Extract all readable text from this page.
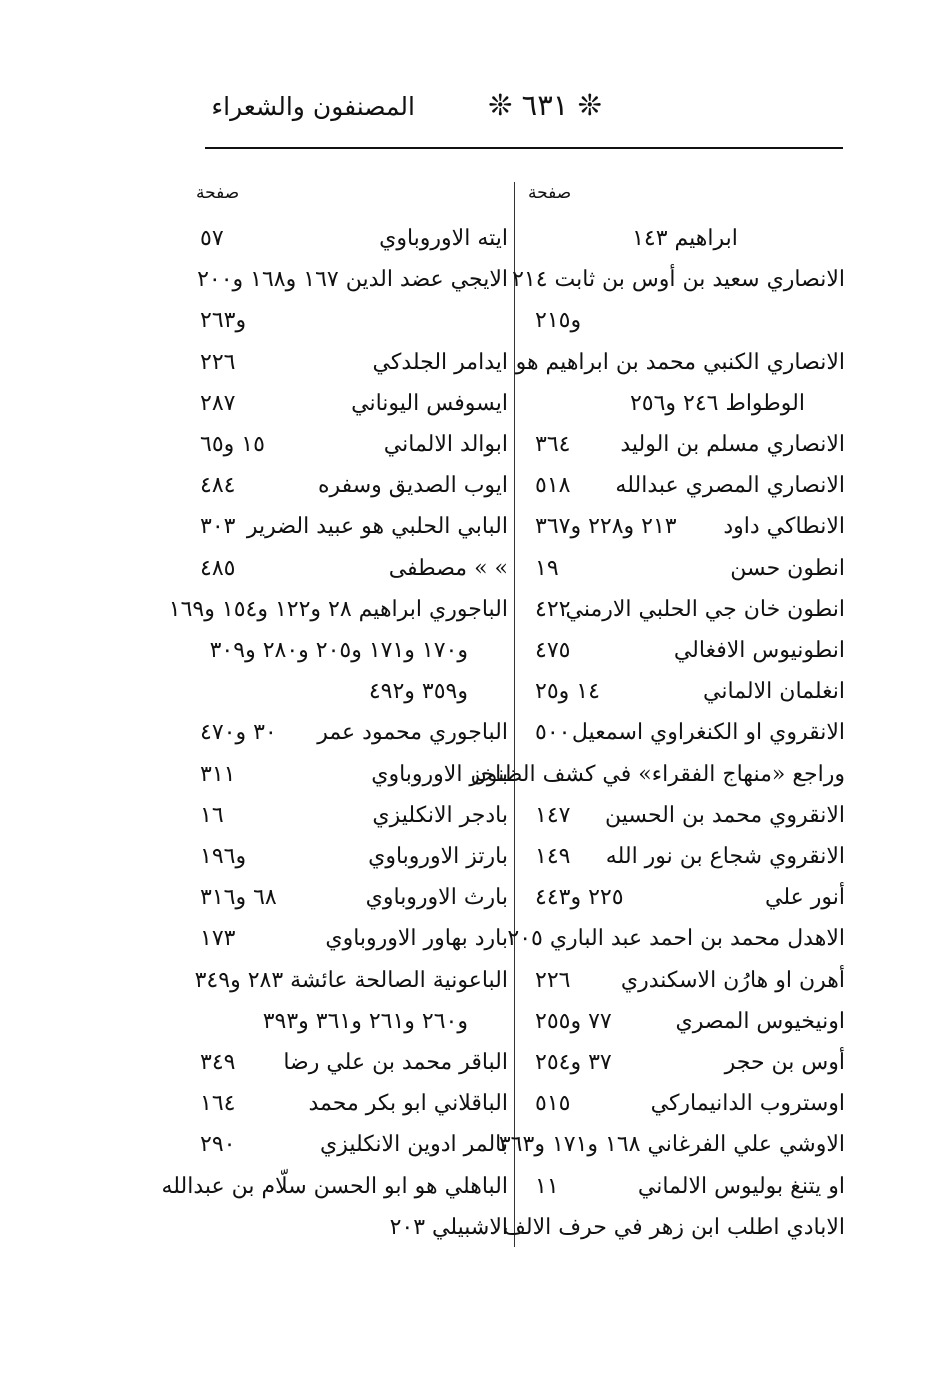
المصنفون والشعراء	❊ ٦٣١ ❊
صفحة	صفحة
ايته الاوروباوي
٥٧
الايجي عضد الدين ١٦٧ و١٦٨ و٢٠٠
و٢٦٣
ايدامر الجلدكي
٢٢٦
ايسوفس اليوناني
٢٨٧
ابوالد الالماني
١٥ و٦٥
ايوب الصديق وسفره
٤٨٤
البابي الحلبي هو عبيد الضرير
٣٠٣
» » مصطفى
٤٨٥
الباجوري ابراهيم ٢٨ و١٢٢ و١٥٤ و١٦٩
و١٧٠ و١٧١ و٢٠٥ و٢٨٠ و٣٠٩
و٣٥٩ و٤٩٢
الباجوري محمود عمر
٣٠ و٤٧٠
باخر الاوروباوي
٣١١
بادجر الانكليزي
١٦
بارتز الاوروباوي
و١٩٦
بارث الاوروباوي
٦٨ و٣١٦
بارد بهاور الاوروباوي
١٧٣
الباعونية الصالحة عائشة ٢٨٣ و٣٤٩
و٢٦٠ و٢٦١ و٣٦١ و٣٩٣
الباقر محمد بن علي رضا
٣٤٩
الباقلاني ابو بكر محمد
١٦٤
بالمر ادوين الانكليزي
٢٩٠
الباهلي هو ابو الحسن سلّام بن عبدالله
الاشبيلي ٢٠٣
ابراهيم ١٤٣
الانصاري سعيد بن أوس بن ثابت ٢١٤
و٢١٥
الانصاري الكنبي محمد بن ابراهيم هو
الوطواط ٢٤٦ و٢٥٦
الانصاري مسلم بن الوليد
٣٦٤
الانصاري المصري عبدالله
٥١٨
الانطاكي داود
٢١٣ و٢٢٨ و٣٦٧
انطون حسن
١٩
انطون خان جي الحلبي الارمني
٤٢٢
انطونيوس الافغالي
٤٧٥
انغلمان الالماني
١٤ و٢٥
الانقروي او الكنغراوي اسمعيل
٥٠٠
وراجع «منهاج الفقراء» في كشف الظنون
الانقروي محمد بن الحسين
١٤٧
الانقروي شجاع بن نور الله
١٤٩
أنور علي
٢٢٥ و٤٤٣
الاهدل محمد بن احمد عبد الباري ٢٠٥
أهرن او هارُن الاسكندري
٢٢٦
اونيخيوس المصري
٧٧ و٢٥٥
أوس بن حجر
٣٧ و٢٥٤
اوستروب الدانيماركي
٥١٥
الاوشي علي الفرغاني ١٦٨ و١٧١ و٣٦٣
او يتنغ بوليوس الالماني
١١
الابادي اطلب ابن زهر في حرف الالف
